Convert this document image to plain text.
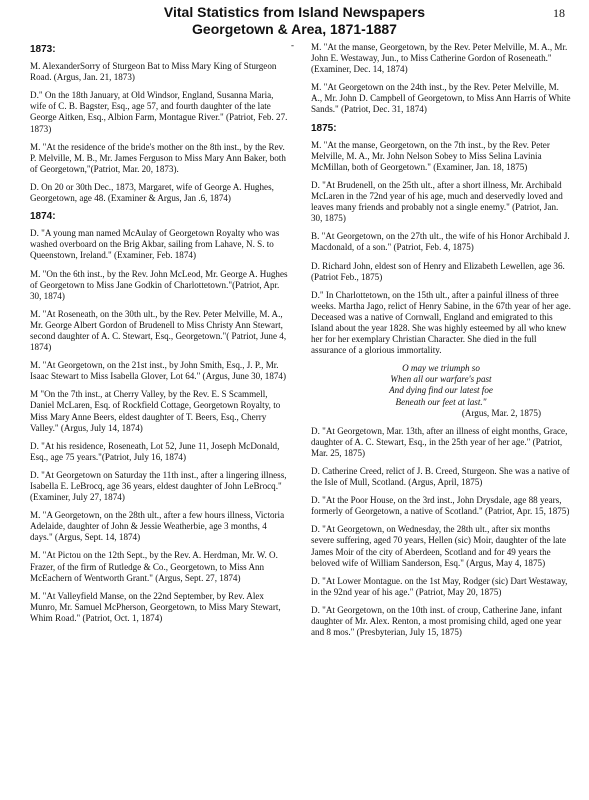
Vital Statistics from Island Newspapers
Georgetown & Area, 1871-1887
18
-
1873:
M. AlexanderSorry of Sturgeon Bat to Miss Mary King of Sturgeon Road. (Argus, Jan. 21, 1873)
D." On the 18th January, at Old Windsor, England, Susanna Maria, wife of C. B. Bagster, Esq., age 57, and fourth daughter of the late George Aitken, Esq., Albion Farm, Montague River." (Patriot, Feb. 27. 1873)
M. "At the residence of the bride's mother on the 8th inst., by the Rev. P. Melville, M. B., Mr. James Ferguson to Miss Mary Ann Baker, both of Georgetown,"(Patriot, Mar. 20, 1873).
D. On 20 or 30th Dec., 1873, Margaret, wife of George A. Hughes, Georgetown, age 48. (Examiner & Argus, Jan .6, 1874)
1874:
D. "A young man named McAulay of Georgetown Royalty who was washed overboard on the Brig Akbar, sailing from Lahave, N. S. to Queenstown, Ireland." (Examiner, Feb. 1874)
M. "On the 6th inst., by the Rev. John McLeod, Mr. George A. Hughes of Georgetown to Miss Jane Godkin of Charlottetown."(Patriot, Apr. 30, 1874)
M. "At Roseneath, on the 30th ult., by the Rev. Peter Melville, M. A., Mr. George Albert Gordon of Brudenell to Miss Christy Ann Stewart, second daughter of A. C. Stewart, Esq., Georgetown."( Patriot, June 4, 1874)
M. "At Georgetown, on the 21st inst., by John Smith, Esq., J. P., Mr. Isaac Stewart to Miss Isabella Glover, Lot 64." (Argus, June 30, 1874)
M "On the 7th inst., at Cherry Valley, by the Rev. E. S Scammell, Daniel McLaren, Esq. of Rockfield Cottage, Georgetown Royalty, to Miss Mary Anne Beers, eldest daughter of T. Beers, Esq., Cherry Valley." (Argus, July 14, 1874)
D. "At his residence, Roseneath, Lot 52, June 11, Joseph McDonald, Esq., age 75 years."(Patriot, July 16, 1874)
D. "At Georgetown on Saturday the 11th inst., after a lingering illness, Isabella E. LeBrocq, age 36 years, eldest daughter of John LeBrocq." (Examiner, July 27, 1874)
M. "A Georgetown, on the 28th ult., after a few hours illness, Victoria Adelaide, daughter of John & Jessie Weatherbie, age 3 months, 4 days." (Argus, Sept. 14, 1874)
M. "At Pictou on the 12th Sept., by the Rev. A. Herdman, Mr. W. O. Frazer, of the firm of Rutledge & Co., Georgetown, to Miss Ann McEachern of Wentworth Grant." (Argus, Sept. 27, 1874)
M. "At Valleyfield Manse, on the 22nd September, by Rev. Alex Munro, Mr. Samuel McPherson, Georgetown, to Miss Mary Stewart, Whim Road." (Patriot, Oct. 1, 1874)
M. "At the manse, Georgetown, by the Rev. Peter Melville, M. A., Mr. John E. Westaway, Jun., to Miss Catherine Gordon of Roseneath." (Examiner, Dec. 14, 1874)
M. "At Georgetown on the 24th inst., by the Rev. Peter Melville, M. A., Mr. John D. Campbell of Georgetown, to Miss Ann Harris of White Sands." (Patriot, Dec. 31, 1874)
1875:
M. "At the manse, Georgetown, on the 7th inst., by the Rev. Peter Melville, M. A., Mr. John Nelson Sobey to Miss Selina Lavinia McMillan, both of Georgetown." (Examiner, Jan. 18, 1875)
D. "At Brudenell, on the 25th ult., after a short illness, Mr. Archibald McLaren in the 72nd year of his age, much and deservedly loved and leaves many friends and probably not a single enemy." (Patriot, Jan. 30, 1875)
B. "At Georgetown, on the 27th ult., the wife of his Honor Archibald J. Macdonald, of a son." (Patriot, Feb. 4, 1875)
D. Richard John, eldest son of Henry and Elizabeth Lewellen, age 36. (Patriot Feb., 1875)
D." In Charlottetown, on the 15th ult., after a painful illness of three weeks. Martha Jago, relict of Henry Sabine, in the 67th year of her age. Deceased was a native of Cornwall, England and emigrated to this Island about the year 1828. She was highly esteemed by all who knew her for her exemplary Christian Character. She died in the full assurance of a glorious immortality.
O may we triumph so
When all our warfare's past
And dying find our latest foe
Beneath our feet at last."
(Argus, Mar. 2, 1875)
D. "At Georgetown, Mar. 13th, after an illness of eight months, Grace, daughter of A. C. Stewart, Esq., in the 25th year of her age." (Patriot, Mar. 25, 1875)
D. Catherine Creed, relict of J. B. Creed, Sturgeon. She was a native of the Isle of Mull, Scotland. (Argus, April, 1875)
D. "At the Poor House, on the 3rd inst., John Drysdale, age 88 years, formerly of Georgetown, a native of Scotland." (Patriot, Apr. 15, 1875)
D. "At Georgetown, on Wednesday, the 28th ult., after six months severe suffering, aged 70 years, Hellen (sic) Moir, daughter of the late James Moir of the city of Aberdeen, Scotland and for 49 years the beloved wife of William Sanderson, Esq." (Argus, May 4, 1875)
D. "At Lower Montague. on the 1st May, Rodger (sic) Dart Westaway, in the 92nd year of his age." (Patriot, May 20, 1875)
D. "At Georgetown, on the 10th inst. of croup, Catherine Jane, infant daughter of Mr. Alex. Renton, a most promising child, aged one year and 8 mos." (Presbyterian, July 15, 1875)
